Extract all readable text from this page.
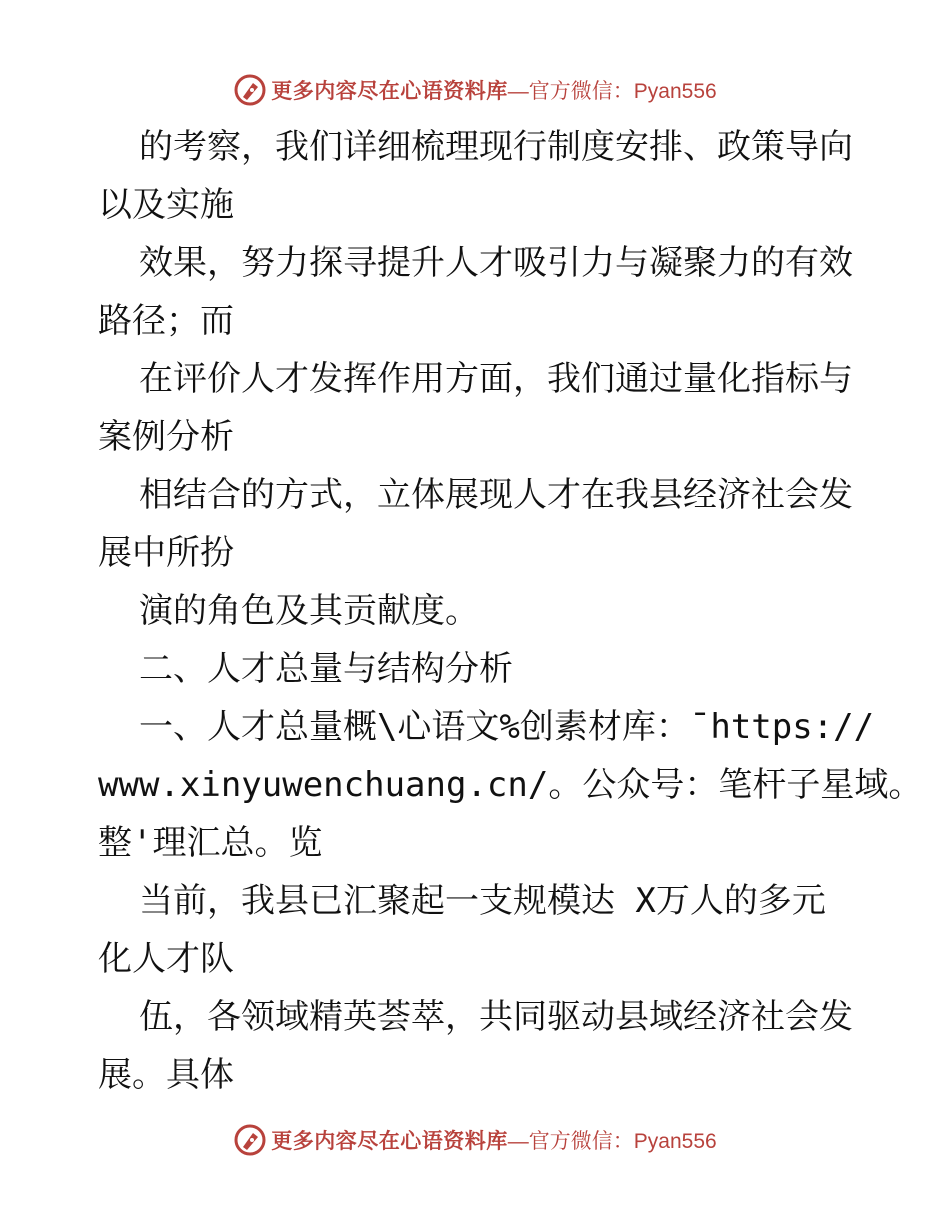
更多内容尽在心语资料库 —官方微信：Pyan556
的考察，我们详细梳理现行制度安排、政策导向
以及实施
效果，努力探寻提升人才吸引力与凝聚力的有效
路径；而
在评价人才发挥作用方面，我们通过量化指标与
案例分析
相结合的方式，立体展现人才在我县经济社会发
展中所扮
演的角色及其贡献度。
二、人才总量与结构分析
一、人才总量概\心语文%创素材库：¯https://
www.xinyuwenchuang.cn/。公众号：笔杆子星域。
整'理汇总。览
当前，我县已汇聚起一支规模达 X万人的多元
化人才队
伍，各领域精英荟萃，共同驱动县域经济社会发
展。具体
更多内容尽在心语资料库 —官方微信：Pyan556
